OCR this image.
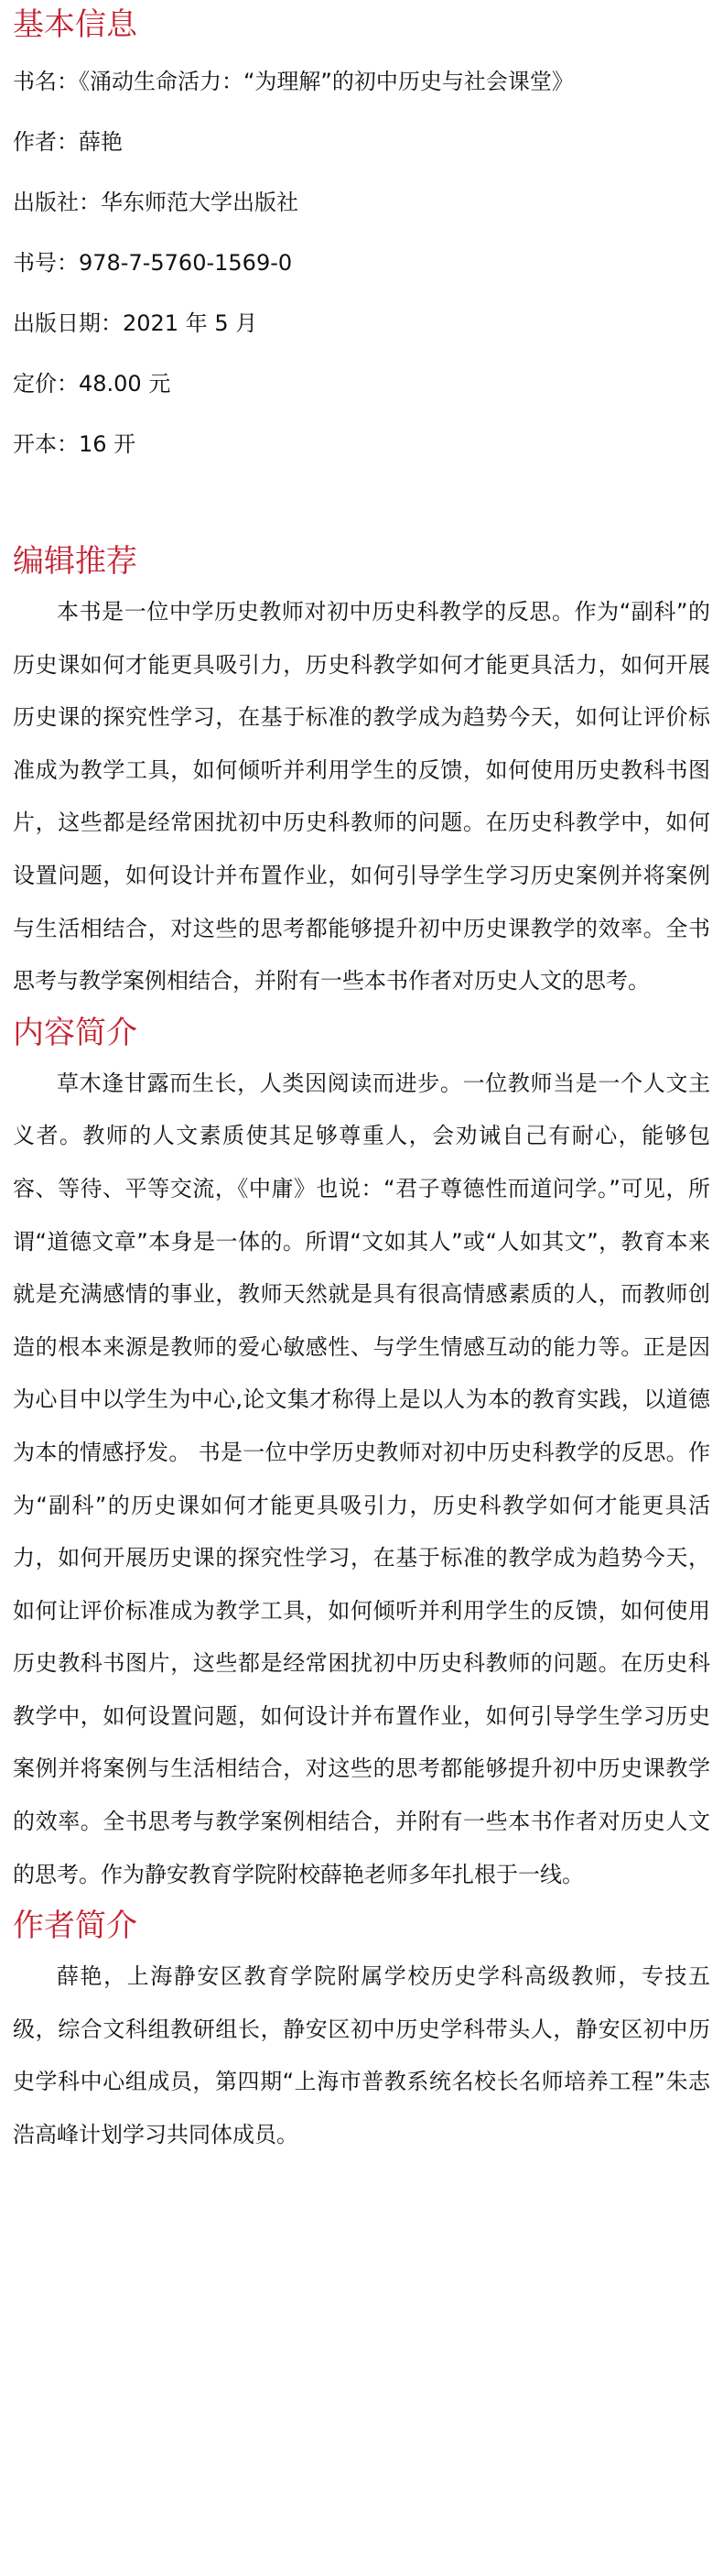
基本信息

书名：《涌动生命活力：“为理解”的初中历史与社会课堂》

作者：薛艳

出版社：华东师范大学出版社

书号：978-7-5760-1569-0

出版日期：2021 年 5 月

定价：48.00 元

开本：16 开

编辑推荐

本书是一位中学历史教师对初中历史科教学的反思。作为“副科”的历史课如何才能更具吸引力，历史科教学如何才能更具活力，如何开展历史课的探究性学习，在基于标准的教学成为趋势今天，如何让评价标准成为教学工具，如何倾听并利用学生的反馈，如何使用历史教科书图片，这些都是经常困扰初中历史科教师的问题。在历史科教学中，如何设置问题，如何设计并布置作业，如何引导学生学习历史案例并将案例与生活相结合，对这些的思考都能够提升初中历史课教学的效率。全书思考与教学案例相结合，并附有一些本书作者对历史人文的思考。

内容简介

草木逢甘露而生长，人类因阅读而进步。一位教师当是一个人文主义者。教师的人文素质使其足够尊重人，会劝诫自己有耐心，能够包容、等待、平等交流，《中庸》也说：“君子尊德性而道问学。”可见，所谓“道德文章”本身是一体的。所谓“文如其人”或“人如其文”，教育本来就是充满感情的事业，教师天然就是具有很高情感素质的人，而教师创造的根本来源是教师的爱心敏感性、与学生情感互动的能力等。正是因为心目中以学生为中心,论文集才称得上是以人为本的教育实践，以道德为本的情感抒发。 书是一位中学历史教师对初中历史科教学的反思。作为“副科”的历史课如何才能更具吸引力，历史科教学如何才能更具活力，如何开展历史课的探究性学习，在基于标准的教学成为趋势今天，如何让评价标准成为教学工具，如何倾听并利用学生的反馈，如何使用历史教科书图片，这些都是经常困扰初中历史科教师的问题。在历史科教学中，如何设置问题，如何设计并布置作业，如何引导学生学习历史案例并将案例与生活相结合，对这些的思考都能够提升初中历史课教学的效率。全书思考与教学案例相结合，并附有一些本书作者对历史人文的思考。作为静安教育学院附校薛艳老师多年扎根于一线。

作者简介

薛艳，上海静安区教育学院附属学校历史学科高级教师，专技五级，综合文科组教研组长，静安区初中历史学科带头人，静安区初中历史学科中心组成员，第四期“上海市普教系统名校长名师培养工程”朱志浩高峰计划学习共同体成员。
